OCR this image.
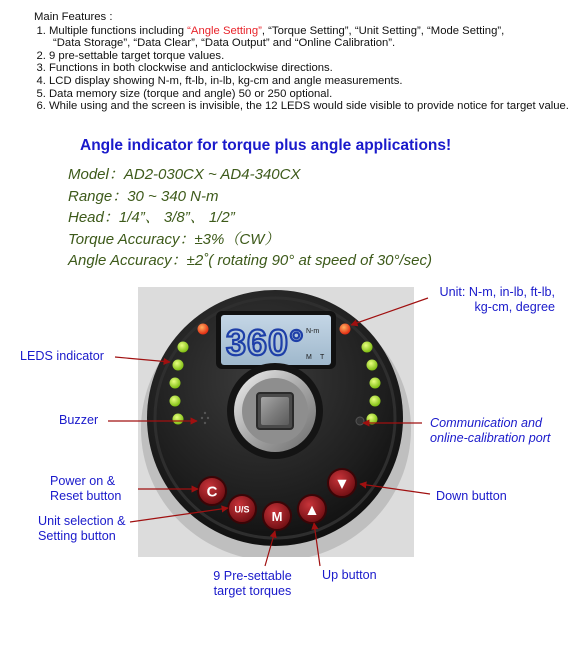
Main Features :
1. Multiple functions including “Angle Setting”, “Torque Setting”, “Unit Setting”, “Mode Setting”,
“Data Storage”, “Data Clear”, “Data Output” and “Online Calibration”.
2. 9 pre-settable target torque values.
3. Functions in both clockwise and anticlockwise directions.
4. LCD display showing N-m, ft-lb, in-lb, kg-cm and angle measurements.
5. Data memory size (torque and angle) 50 or 250 optional.
6. While using and the screen is invisible, the 12 LEDS would side visible to provide notice for target value.
Angle indicator for torque plus angle applications!
Model：AD2-030CX ~ AD4-340CX
Range：30 ~ 340 N-m
Head：1/4”、 3/8”、 1/2”
Torque Accuracy：±3%（CW）
Angle Accuracy：±2˚( rotating 90° at speed of 30°/sec)
360° N-m
M T
C
U/S M ▲
▼
Unit: N-m, in-lb, ft-lb,
kg-cm, degree
LEDS indicator
Buzzer	Communication and
online-calibration port
Power on &
Reset button
Unit selection &
Setting button
Down button
Up button
9 Pre-settable
target torques
